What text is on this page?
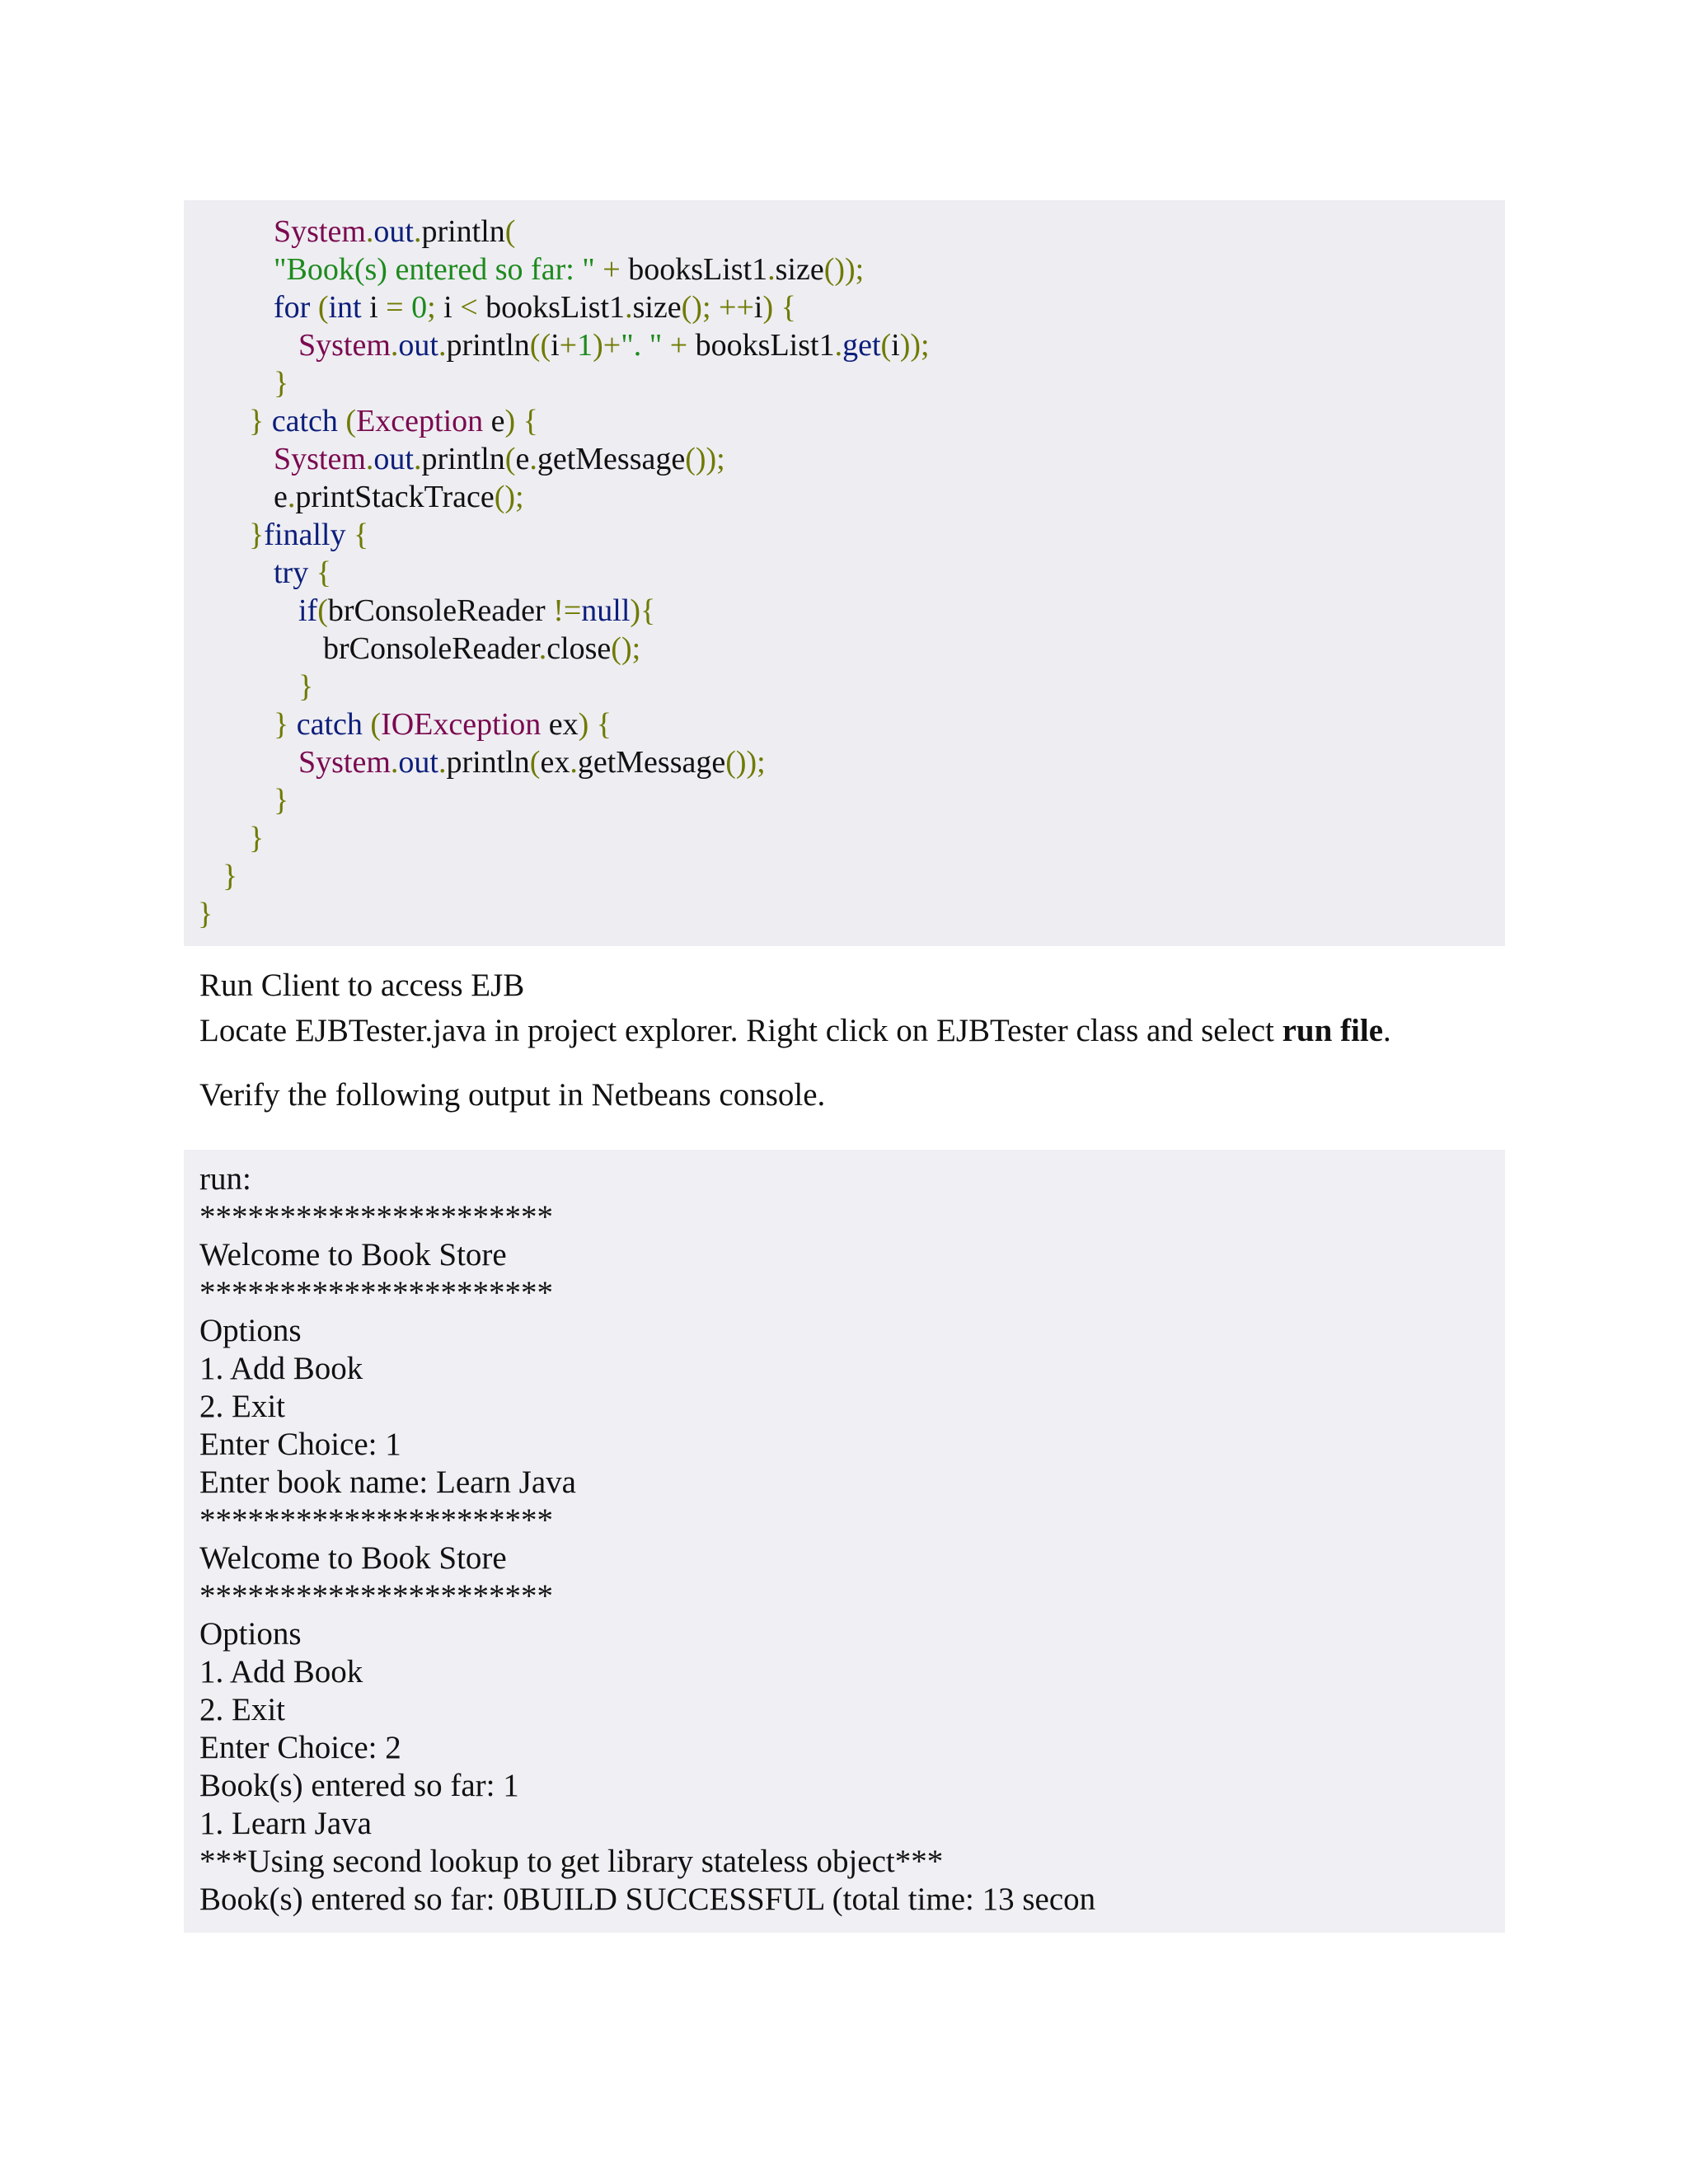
System.out.println(
"Book(s) entered so far: " + booksList1.size());
for (int i = 0; i < booksList1.size(); ++i) {
System.out.println((i+1)+". " + booksList1.get(i));
}
} catch (Exception e) {
System.out.println(e.getMessage());
e.printStackTrace();
}finally {
try {
if(brConsoleReader !=null){
brConsoleReader.close();
}
} catch (IOException ex) {
System.out.println(ex.getMessage());
}
}
}
}
Run Client to access EJB
Locate EJBTester.java in project explorer. Right click on EJBTester class and select run file.
Verify the following output in Netbeans console.
run:
**********************
Welcome to Book Store
**********************
Options
1. Add Book
2. Exit
Enter Choice: 1
Enter book name: Learn Java
**********************
Welcome to Book Store
**********************
Options
1. Add Book
2. Exit
Enter Choice: 2
Book(s) entered so far: 1
1. Learn Java
***Using second lookup to get library stateless object***
Book(s) entered so far: 0BUILD SUCCESSFUL (total time: 13 secon
